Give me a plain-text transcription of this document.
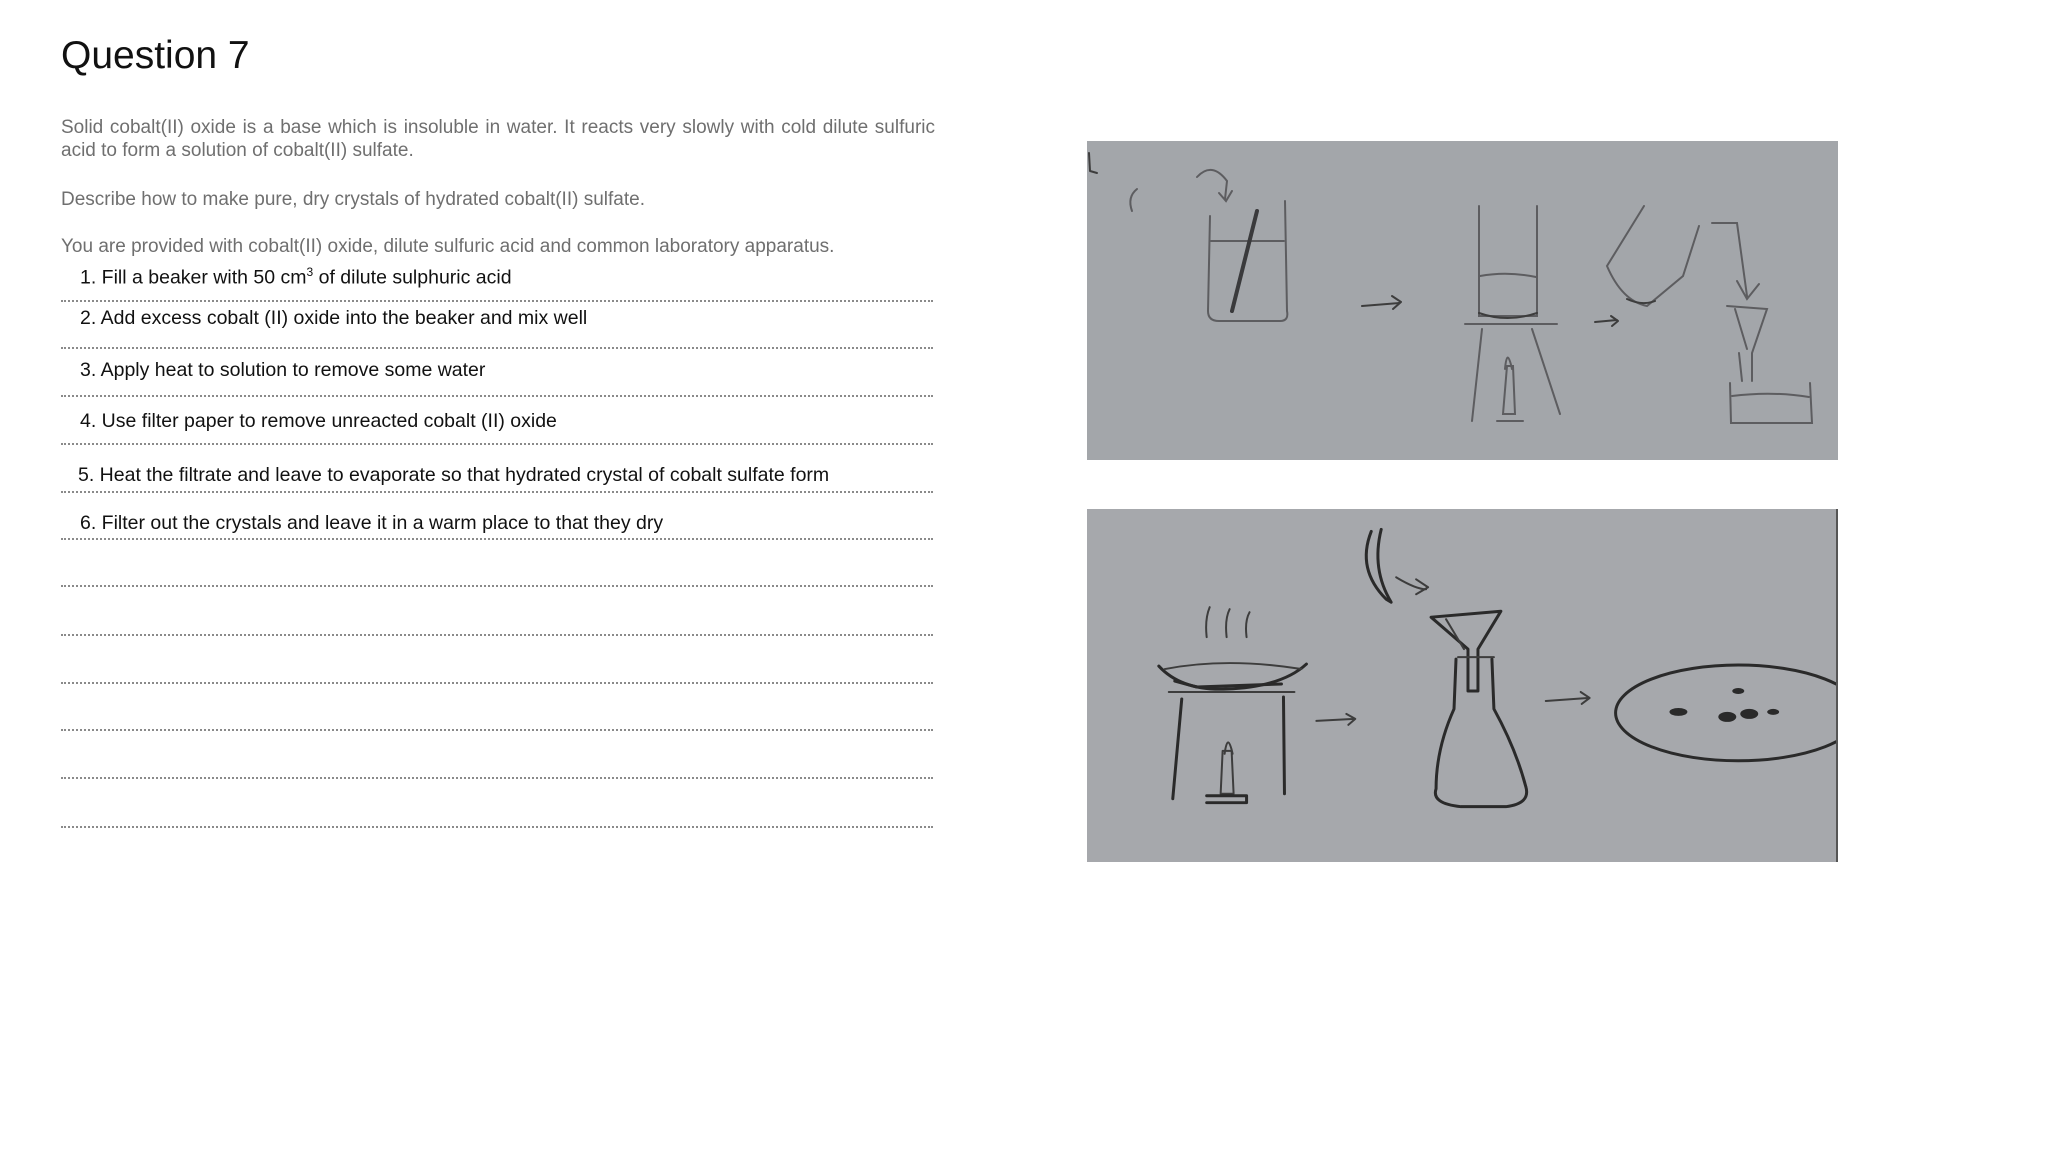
Question 7

Solid cobalt(II) oxide is a base which is insoluble in water. It reacts very slowly with cold dilute sulfuric acid to form a solution of cobalt(II) sulfate.

Describe how to make pure, dry crystals of hydrated cobalt(II) sulfate.

You are provided with cobalt(II) oxide, dilute sulfuric acid and common laboratory apparatus.

1. Fill a beaker with 50 $cm^3$ of dilute sulphuric acid

2. Add excess cobalt (II) oxide into the beaker and mix well

3. Apply heat to solution to remove some water

4. Use filter paper to remove unreacted cobalt (II) oxide

5. Heat the filtrate and leave to evaporate so that hydrated crystal of cobalt sulfate form

6. Filter out the crystals and leave it in a warm place to that they dry
